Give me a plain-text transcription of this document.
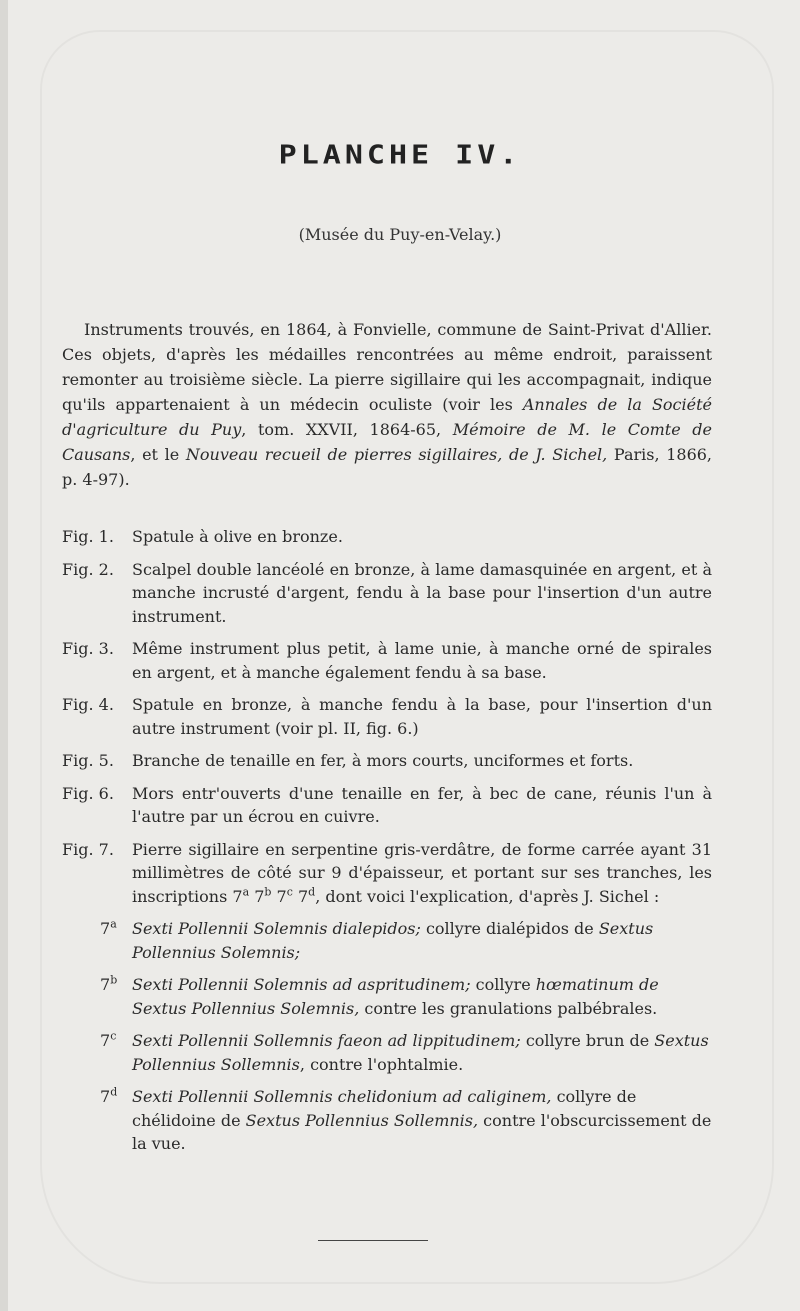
PLANCHE IV.
(Musée du Puy-en-Velay.)
Instruments trouvés, en 1864, à Fonvielle, commune de Saint-Privat d'Allier. Ces objets, d'après les médailles rencontrées au même endroit, paraissent remonter au troisième siècle. La pierre sigillaire qui les accompagnait, indique qu'ils appartenaient à un médecin oculiste (voir les Annales de la Société d'agriculture du Puy, tom. XXVII, 1864-65, Mémoire de M. le Comte de Causans, et le Nouveau recueil de pierres sigillaires, de J. Sichel, Paris, 1866, p. 4-97).
Fig. 1.	Spatule à olive en bronze.
Fig. 2.	Scalpel double lancéolé en bronze, à lame damasquinée en argent, et à manche incrusté d'argent, fendu à la base pour l'insertion d'un autre instrument.
Fig. 3.	Même instrument plus petit, à lame unie, à manche orné de spirales en argent, et à manche également fendu à sa base.
Fig. 4.	Spatule en bronze, à manche fendu à la base, pour l'insertion d'un autre instrument (voir pl. II, fig. 6.)
Fig. 5.	Branche de tenaille en fer, à mors courts, unciformes et forts.
Fig. 6.	Mors entr'ouverts d'une tenaille en fer, à bec de cane, réunis l'un à l'autre par un écrou en cuivre.
Fig. 7.	Pierre sigillaire en serpentine gris-verdâtre, de forme carrée ayant 31 millimètres de côté sur 9 d'épaisseur, et portant sur ses tranches, les inscriptions 7$^a$ 7$^b$ 7$^c$ 7$^d$, dont voici l'explication, d'après J. Sichel :
7$^a$ Sexti Pollennii Solemnis dialepidos; collyre dialépidos de Sextus Pollennius Solemnis;
7$^b$ Sexti Pollennii Solemnis ad aspritudinem; collyre hœmatinum de Sextus Pollennius Solemnis, contre les granulations palbébrales.
7$^c$ Sexti Pollennii Sollemnis faeon ad lippitudinem; collyre brun de Sextus Pollennius Sollemnis, contre l'ophtalmie.
7$^d$ Sexti Pollennii Sollemnis chelidonium ad caliginem, collyre de chélidoine de Sextus Pollennius Sollemnis, contre l'obscurcissement de la vue.
